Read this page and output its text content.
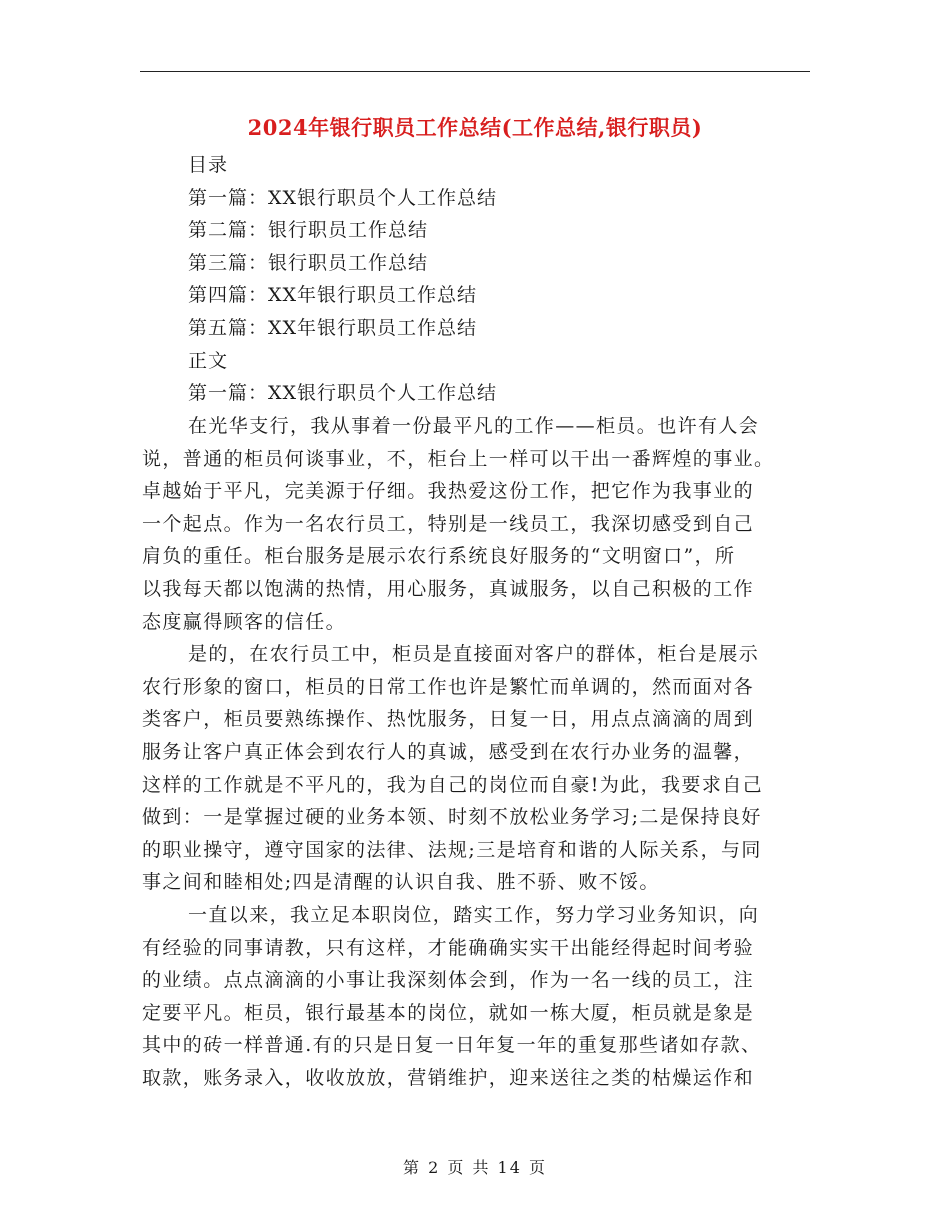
2024年银行职员工作总结(工作总结,银行职员)
目录
第一篇：XX银行职员个人工作总结
第二篇：银行职员工作总结
第三篇：银行职员工作总结
第四篇：XX年银行职员工作总结
第五篇：XX年银行职员工作总结
正文
第一篇：XX银行职员个人工作总结
在光华支行，我从事着一份最平凡的工作——柜员。也许有人会
说，普通的柜员何谈事业，不，柜台上一样可以干出一番辉煌的事业。
卓越始于平凡，完美源于仔细。我热爱这份工作，把它作为我事业的
一个起点。作为一名农行员工，特别是一线员工，我深切感受到自己
肩负的重任。柜台服务是展示农行系统良好服务的“文明窗口”，所
以我每天都以饱满的热情，用心服务，真诚服务，以自己积极的工作
态度赢得顾客的信任。
是的，在农行员工中，柜员是直接面对客户的群体，柜台是展示
农行形象的窗口，柜员的日常工作也许是繁忙而单调的，然而面对各
类客户，柜员要熟练操作、热忱服务，日复一日，用点点滴滴的周到
服务让客户真正体会到农行人的真诚，感受到在农行办业务的温馨，
这样的工作就是不平凡的，我为自己的岗位而自豪!为此，我要求自己
做到：一是掌握过硬的业务本领、时刻不放松业务学习;二是保持良好
的职业操守，遵守国家的法律、法规;三是培育和谐的人际关系，与同
事之间和睦相处;四是清醒的认识自我、胜不骄、败不馁。
一直以来，我立足本职岗位，踏实工作，努力学习业务知识，向
有经验的同事请教，只有这样，才能确确实实干出能经得起时间考验
的业绩。点点滴滴的小事让我深刻体会到，作为一名一线的员工，注
定要平凡。柜员，银行最基本的岗位，就如一栋大厦，柜员就是象是
其中的砖一样普通.有的只是日复一日年复一年的重复那些诸如存款、
取款，账务录入，收收放放，营销维护，迎来送往之类的枯燥运作和
第 2 页 共 14 页
